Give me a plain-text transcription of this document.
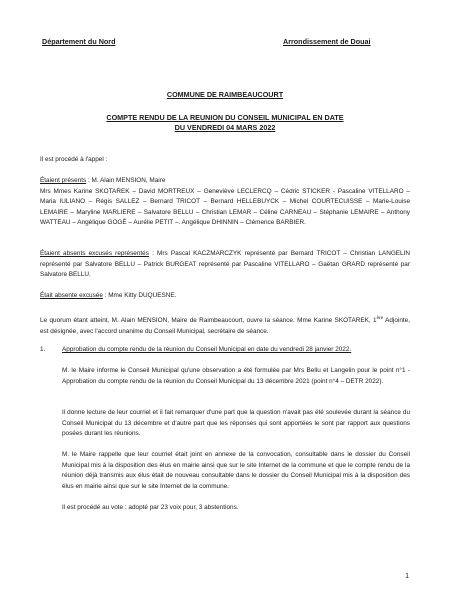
Département du Nord	Arrondissement de Douai
COMMUNE DE RAIMBEAUCOURT
COMPTE RENDU DE LA REUNION DU CONSEIL MUNICIPAL EN DATE
DU VENDREDI 04 MARS 2022
Il est procédé à l'appel :

Étaient présents : M. Alain MENSION, Maire

Mrs Mmes Karine SKOTAREK – David MORTREUX – Geneviève LECLERCQ – Cédric STICKER - Pascaline VITELLARO – Maria IULIANO – Régis SALLEZ – Bernard TRICOT – Bernard HELLEBUYCK – Michel COURTECUISSE – Marie-Louise LEMAIRE – Maryline MARLIERE – Salvatore BELLU – Christian LEMAR – Céline CARNEAU – Stéphanie LEMAIRE – Anthony WATTEAU – Angélique GOGÉ – Aurélie PETIT –. Angélique DHINNIN – Clémence BARBIER.

Étaient absents excusés représentés : Mrs Pascal KACZMARCZYK représenté par Bernard TRICOT – Christian LANGELIN représenté par Salvatore BELLU – Patrick BURGEAT représenté par Pascaline VITELLARO – Gaëtan GRARD représenté par Salvatore BELLU.
Était absente excusée : Mme Kitty DUQUESNE.
Le quorum étant atteint, M. Alain MENSION, Maire de Raimbeaucourt, ouvre la séance. Mme Karine SKOTAREK, 1ère Adjointe, est désignée, avec l'accord unanime du Conseil Municipal, secrétaire de séance.
1.	Approbation du compte rendu de la réunion du Conseil Municipal en date du vendredi 28 janvier 2022.
M. le Maire informe le Conseil Municipal qu'une observation a été formulée par Mrs Bellu et Langelin pour le point n°1 - Approbation du compte rendu de la réunion du Conseil Municipal du 13 décembre 2021 (point n°4 – DETR 2022).
Il donne lecture de leur courriel et il fait remarquer d'une part que la question n'avait pas été soulevée durant la séance du Conseil Municipal du 13 décembre et d'autre part que les réponses qui sont apportées le sont par rapport aux questions posées durant les réunions.
M. le Maire rappelle que leur courriel était joint en annexe de la convocation, consultable dans le dossier du Conseil Municipal mis à la disposition des élus en mairie ainsi que sur le site Internet de la commune et que le compte rendu de la réunion déjà transmis aux élus était de nouveau consultable dans le dossier du Conseil Municipal mis à la disposition des élus en mairie ainsi que sur le site Internet de la commune.
Il est procédé au vote : adopté par 23 voix pour, 3 abstentions.
1
